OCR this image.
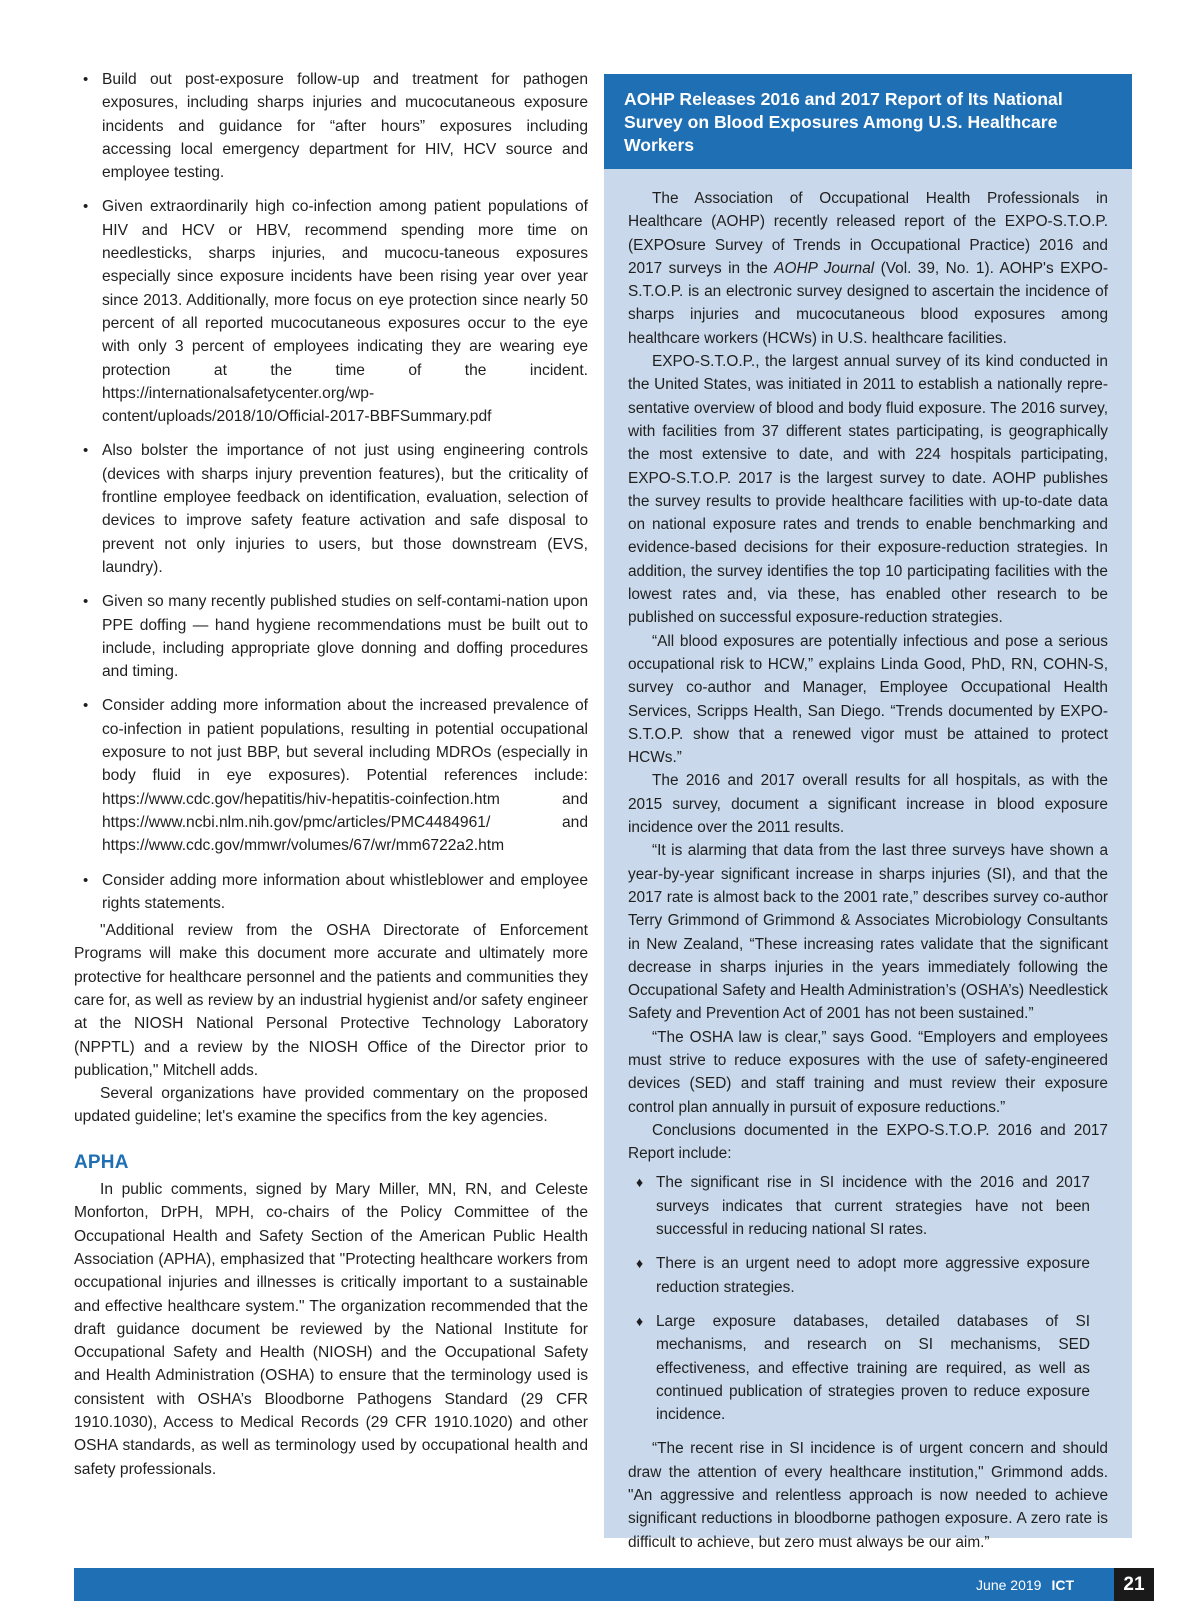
• Build out post-exposure follow-up and treatment for pathogen exposures, including sharps injuries and mucocutaneous exposure incidents and guidance for “after hours” exposures including accessing local emergency department for HIV, HCV source and employee testing.
• Given extraordinarily high co-infection among patient populations of HIV and HCV or HBV, recommend spending more time on needlesticks, sharps injuries, and mucocu-taneous exposures especially since exposure incidents have been rising year over year since 2013. Additionally, more focus on eye protection since nearly 50 percent of all reported mucocutaneous exposures occur to the eye with only 3 percent of employees indicating they are wearing eye protection at the time of the incident. https://internationalsafetycenter.org/wp-content/uploads/2018/10/Official-2017-BBFSummary.pdf
• Also bolster the importance of not just using engineering controls (devices with sharps injury prevention features), but the criticality of frontline employee feedback on identification, evaluation, selection of devices to improve safety feature activation and safe disposal to prevent not only injuries to users, but those downstream (EVS, laundry).
• Given so many recently published studies on self-contami-nation upon PPE doffing — hand hygiene recommendations must be built out to include, including appropriate glove donning and doffing procedures and timing.
• Consider adding more information about the increased prevalence of co-infection in patient populations, resulting in potential occupational exposure to not just BBP, but several including MDROs (especially in body fluid in eye exposures). Potential references include: https://www.cdc.gov/hepatitis/hiv-hepatitis-coinfection.htm and https://www.ncbi.nlm.nih.gov/pmc/articles/PMC4484961/ and https://www.cdc.gov/mmwr/volumes/67/wr/mm6722a2.htm
• Consider adding more information about whistleblower and employee rights statements.

"Additional review from the OSHA Directorate of Enforcement Programs will make this document more accurate and ultimately more protective for healthcare personnel and the patients and communities they care for, as well as review by an industrial hygienist and/or safety engineer at the NIOSH National Personal Protective Technology Laboratory (NPPTL) and a review by the NIOSH Office of the Director prior to publication," Mitchell adds.

Several organizations have provided commentary on the proposed updated guideline; let's examine the specifics from the key agencies.

APHA

In public comments, signed by Mary Miller, MN, RN, and Celeste Monforton, DrPH, MPH, co-chairs of the Policy Committee of the Occupational Health and Safety Section of the American Public Health Association (APHA), emphasized that "Protecting healthcare workers from occupational injuries and illnesses is critically important to a sustainable and effective healthcare system." The organization recommended that the draft guidance document be reviewed by the National Institute for Occupational Safety and Health (NIOSH) and the Occupational Safety and Health Administration (OSHA) to ensure that the terminology used is consistent with OSHA’s Bloodborne Pathogens Standard (29 CFR 1910.1030), Access to Medical Records (29 CFR 1910.1020) and other OSHA standards, as well as terminology used by occupational health and safety professionals.

AOHP Releases 2016 and 2017 Report of Its National Survey on Blood Exposures Among U.S. Healthcare Workers

The Association of Occupational Health Professionals in Healthcare (AOHP) recently released report of the EXPO-S.T.O.P. (EXPOsure Survey of Trends in Occupational Practice) 2016 and 2017 surveys in the AOHP Journal (Vol. 39, No. 1). AOHP's EXPO-S.T.O.P. is an electronic survey designed to ascertain the incidence of sharps injuries and mucocutaneous blood exposures among healthcare workers (HCWs) in U.S. healthcare facilities.

EXPO-S.T.O.P., the largest annual survey of its kind conducted in the United States, was initiated in 2011 to establish a nationally repre-sentative overview of blood and body fluid exposure. The 2016 survey, with facilities from 37 different states participating, is geographically the most extensive to date, and with 224 hospitals participating, EXPO-S.T.O.P. 2017 is the largest survey to date. AOHP publishes the survey results to provide healthcare facilities with up-to-date data on national exposure rates and trends to enable benchmarking and evidence-based decisions for their exposure-reduction strategies. In addition, the survey identifies the top 10 participating facilities with the lowest rates and, via these, has enabled other research to be published on successful exposure-reduction strategies.

“All blood exposures are potentially infectious and pose a serious occupational risk to HCW,” explains Linda Good, PhD, RN, COHN-S, survey co-author and Manager, Employee Occupational Health Services, Scripps Health, San Diego. “Trends documented by EXPO-S.T.O.P. show that a renewed vigor must be attained to protect HCWs.”

The 2016 and 2017 overall results for all hospitals, as with the 2015 survey, document a significant increase in blood exposure incidence over the 2011 results.

“It is alarming that data from the last three surveys have shown a year-by-year significant increase in sharps injuries (SI), and that the 2017 rate is almost back to the 2001 rate,” describes survey co-author Terry Grimmond of Grimmond & Associates Microbiology Consultants in New Zealand, “These increasing rates validate that the significant decrease in sharps injuries in the years immediately following the Occupational Safety and Health Administration’s (OSHA’s) Needlestick Safety and Prevention Act of 2001 has not been sustained.”

“The OSHA law is clear,” says Good. “Employers and employees must strive to reduce exposures with the use of safety-engineered devices (SED) and staff training and must review their exposure control plan annually in pursuit of exposure reductions.”

Conclusions documented in the EXPO-S.T.O.P. 2016 and 2017 Report include:

♦ The significant rise in SI incidence with the 2016 and 2017 surveys indicates that current strategies have not been successful in reducing national SI rates.
♦ There is an urgent need to adopt more aggressive exposure reduction strategies.
♦ Large exposure databases, detailed databases of SI mechanisms, and research on SI mechanisms, SED effectiveness, and effective training are required, as well as continued publication of strategies proven to reduce exposure incidence.

“The recent rise in SI incidence is of urgent concern and should draw the attention of every healthcare institution," Grimmond adds. "An aggressive and relentless approach is now needed to achieve significant reductions in bloodborne pathogen exposure. A zero rate is difficult to achieve, but zero must always be our aim.”

June 2019 ICT	21
